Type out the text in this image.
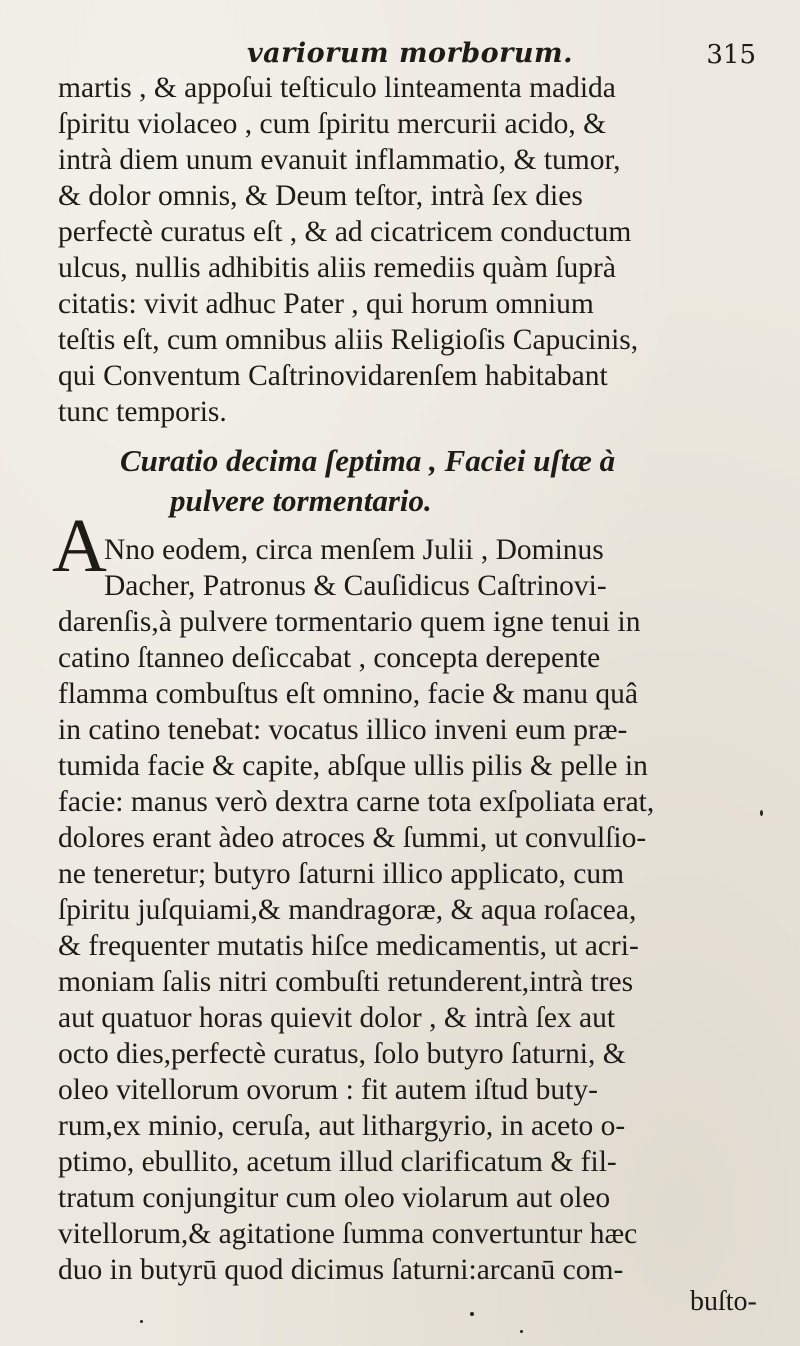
variorum morborum.	315
martis , & appoſui teſticulo linteamenta madida
ſpiritu violaceo , cum ſpiritu mercurii acido, &
intrà diem unum evanuit inflammatio, & tumor,
& dolor omnis, & Deum teſtor, intrà ſex dies
perfectè curatus eſt , & ad cicatricem conductum
ulcus, nullis adhibitis aliis remediis quàm ſuprà
citatis: vivit adhuc Pater , qui horum omnium
teſtis eſt, cum omnibus aliis Religioſis Capucinis,
qui Conventum Caſtrinovidarenſem habitabant
tunc temporis.
Curatio decima ſeptima , Faciei uſtæ à
pulvere tormentario.
A
Nno eodem, circa menſem Julii , Dominus
Dacher, Patronus & Cauſidicus Caſtrinovi-
darenſis,à pulvere tormentario quem igne tenui in
catino ſtanneo deſiccabat , concepta derepente
flamma combuſtus eſt omnino, facie & manu quâ
in catino tenebat: vocatus illico inveni eum præ-
tumida facie & capite, abſque ullis pilis & pelle in
facie: manus verò dextra carne tota exſpoliata erat,
dolores erant àdeo atroces & ſummi, ut convulſio-
ne teneretur; butyro ſaturni illico applicato, cum
ſpiritu juſquiami,& mandragoræ, & aqua roſacea,
& frequenter mutatis hiſce medicamentis, ut acri-
moniam ſalis nitri combuſti retunderent,intrà tres
aut quatuor horas quievit dolor , & intrà ſex aut
octo dies,perfectè curatus, ſolo butyro ſaturni, &
oleo vitellorum ovorum : fit autem iſtud buty-
rum,ex minio, ceruſa, aut lithargyrio, in aceto o-
ptimo, ebullito, acetum illud clarificatum & fil-
tratum conjungitur cum oleo violarum aut oleo
vitellorum,& agitatione ſumma convertuntur hæc
duo in butyrū quod dicimus ſaturni:arcanū com-
buſto-
